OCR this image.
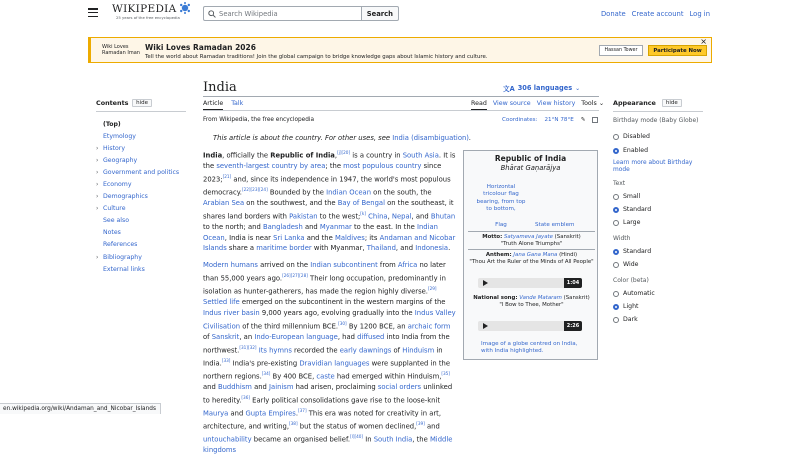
WIKIPEDIA
25 years of the free encyclopedia
Search Wikipedia	Search	Donate Create account Log in
Wiki Loves Ramadan Iman
Wiki Loves Ramadan 2026
Tell the world about Ramadan traditions! Join the global campaign to bridge knowledge gaps about Islamic history and culture.
Hassan Tower	Participate Now
×
India	文A 306 languages ⌄
Article Talk	Read View source View history Tools ⌄
From Wikipedia, the free encyclopedia	Coordinates: 21°N 78°E ✎
This article is about the country. For other uses, see India (disambiguation).
Contents	hide
(Top)
Etymology
› History
› Geography
› Government and politics
› Economy
› Demographics
› Culture
See also
Notes
References
› Bibliography
External links

India, officially the Republic of India,[j][20] is a country in South Asia. It is the seventh-largest country by area; the most populous country since 2023;[21] and, since its independence in 1947, the world's most populous democracy.[22][23][24] Bounded by the Indian Ocean on the south, the Arabian Sea on the southwest, and the Bay of Bengal on the southeast, it shares land borders with Pakistan to the west;[k] China, Nepal, and Bhutan to the north; and Bangladesh and Myanmar to the east. In the Indian Ocean, India is near Sri Lanka and the Maldives; its Andaman and Nicobar Islands share a maritime border with Myanmar, Thailand, and Indonesia.

Modern humans arrived on the Indian subcontinent from Africa no later than 55,000 years ago.[26][27][28] Their long occupation, predominantly in isolation as hunter-gatherers, has made the region highly diverse.[29] Settled life emerged on the subcontinent in the western margins of the Indus river basin 9,000 years ago, evolving gradually into the Indus Valley Civilisation of the third millennium BCE.[30] By 1200 BCE, an archaic form of Sanskrit, an Indo-European language, had diffused into India from the northwest.[31][32] Its hymns recorded the early dawnings of Hinduism in India.[33] India's pre-existing Dravidian languages were supplanted in the northern regions.[34] By 400 BCE, caste had emerged within Hinduism,[35] and Buddhism and Jainism had arisen, proclaiming social orders unlinked to heredity.[36] Early political consolidations gave rise to the loose-knit Maurya and Gupta Empires.[37] This era was noted for creativity in art, architecture, and writing,[38] but the status of women declined,[39] and untouchability became an organised belief.[l][40] In South India, the Middle kingdoms

Republic of India
Bhārat Gaṇarājya
Horizontal tricolour flag bearing, from top to bottom,
Flag	State emblem
Motto: Satyameva Jayate (Sanskrit)
"Truth Alone Triumphs"
Anthem: Jana Gana Mana (Hindi)
"Thou Art the Ruler of the Minds of All People"
1:04
National song: Vande Mataram (Sanskrit)
"I Bow to Thee, Mother"
2:26
Image of a globe centred on India, with India highlighted.
Appearance	hide
Birthday mode (Baby Globe)
Disabled
Enabled
Learn more about Birthday mode
Text
Small
Standard
Large
Width
Standard
Wide
Color (beta)
Automatic
Light
Dark
en.wikipedia.org/wiki/Andaman_and_Nicobar_Islands
